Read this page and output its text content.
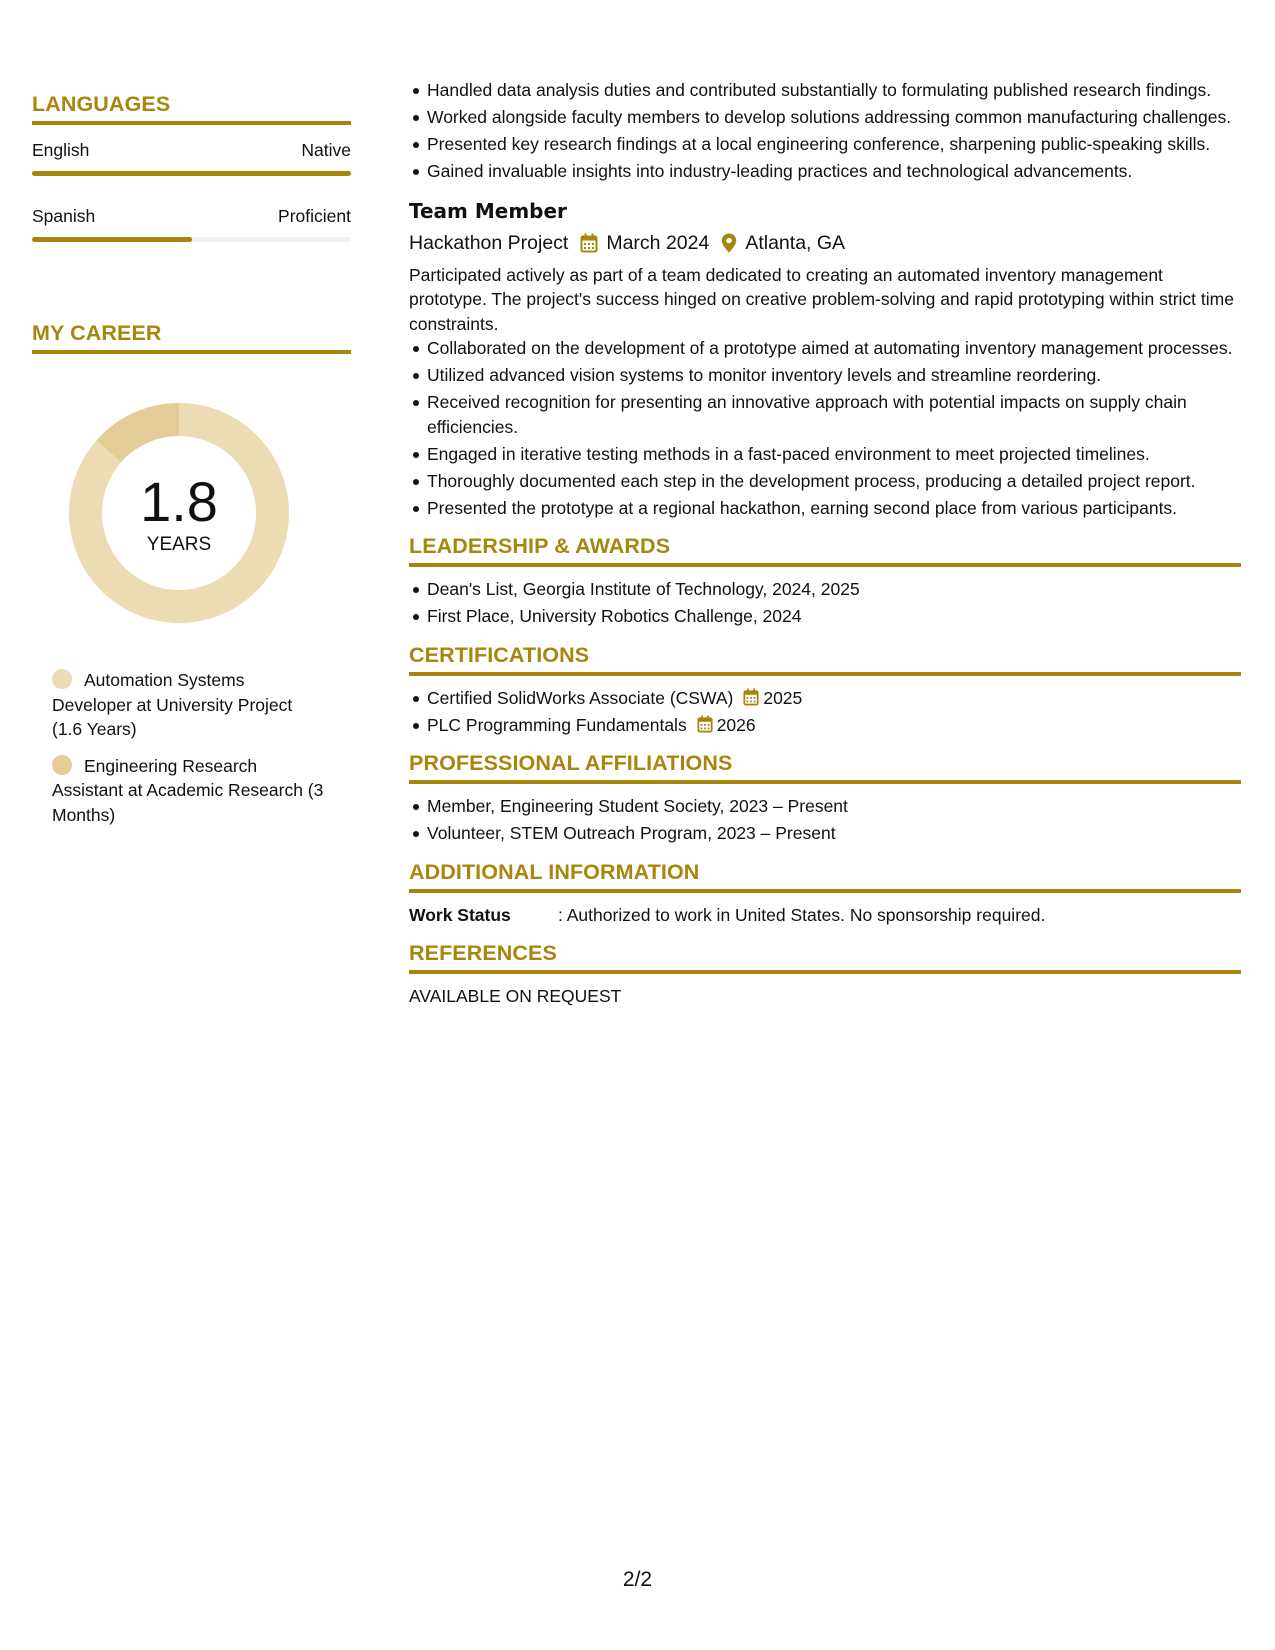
LANGUAGES
English	Native
Spanish	Proficient
MY CAREER
1.8
YEARS
Automation Systems Developer at University Project (1.6 Years)
Engineering Research Assistant at Academic Research (3 Months)
Handled data analysis duties and contributed substantially to formulating published research findings.
Worked alongside faculty members to develop solutions addressing common manufacturing challenges.
Presented key research findings at a local engineering conference, sharpening public-speaking skills.
Gained invaluable insights into industry-leading practices and technological advancements.
Team Member
Hackathon Project March 2024 Atlanta, GA
Participated actively as part of a team dedicated to creating an automated inventory management prototype. The project's success hinged on creative problem-solving and rapid prototyping within strict time constraints.
Collaborated on the development of a prototype aimed at automating inventory management processes.
Utilized advanced vision systems to monitor inventory levels and streamline reordering.
Received recognition for presenting an innovative approach with potential impacts on supply chain efficiencies.
Engaged in iterative testing methods in a fast-paced environment to meet projected timelines.
Thoroughly documented each step in the development process, producing a detailed project report.
Presented the prototype at a regional hackathon, earning second place from various participants.
LEADERSHIP & AWARDS
Dean's List, Georgia Institute of Technology, 2024, 2025
First Place, University Robotics Challenge, 2024
CERTIFICATIONS
Certified SolidWorks Associate (CSWA) 2025
PLC Programming Fundamentals 2026
PROFESSIONAL AFFILIATIONS
Member, Engineering Student Society, 2023 – Present
Volunteer, STEM Outreach Program, 2023 – Present
ADDITIONAL INFORMATION
Work Status	: Authorized to work in United States. No sponsorship required.
REFERENCES
AVAILABLE ON REQUEST
2/2
